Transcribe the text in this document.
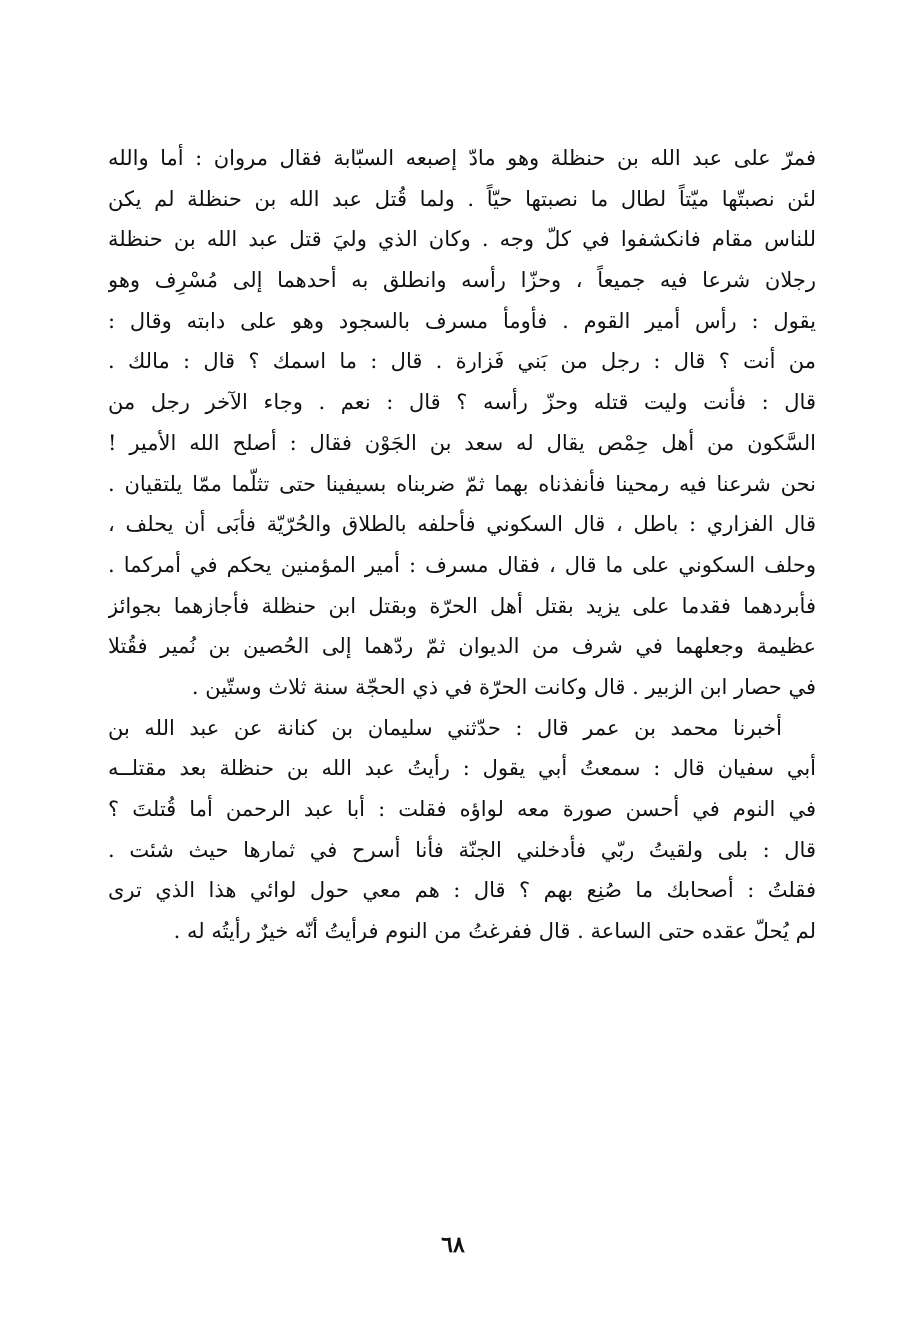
فمرّ على عبد الله بن حنظلة وهو مادّ إصبعه السبّابة فقال مروان : أما والله
لئن نصبتّها ميّتاً لطال ما نصبتها حيّاً . ولما قُتل عبد الله بن حنظلة لم يكن
للناس مقام فانكشفوا في كلّ وجه . وكان الذي وليَ قتل عبد الله بن حنظلة
رجلان شرعا فيه جميعاً ، وحزّا رأسه وانطلق به أحدهما إلى مُسْرِف وهو
يقول : رأس أمير القوم . فأومأ مسرف بالسجود وهو على دابته وقال :
من أنت ؟ قال : رجل من بَني فَزارة . قال : ما اسمك ؟ قال : مالك .
قال : فأنت وليت قتله وحزّ رأسه ؟ قال : نعم . وجاء الآخر رجل من
السَّكون من أهل حِمْص يقال له سعد بن الجَوْن فقال : أصلح الله الأمير !
نحن شرعنا فيه رمحينا فأنفذناه بهما ثمّ ضربناه بسيفينا حتى تثلّما ممّا يلتقيان .
قال الفزاري : باطل ، قال السكوني فأحلفه بالطلاق والحُرّيّة فأبَى أن يحلف ،
وحلف السكوني على ما قال ، فقال مسرف : أمير المؤمنين يحكم في أمركما .
فأبردهما فقدما على يزيد بقتل أهل الحرّة وبقتل ابن حنظلة فأجازهما بجوائز
عظيمة وجعلهما في شرف من الديوان ثمّ ردّهما إلى الحُصين بن نُمير فقُتلا
في حصار ابن الزبير . قال وكانت الحرّة في ذي الحجّة سنة ثلاث وستّين .
أخبرنا محمد بن عمر قال : حدّثني سليمان بن كنانة عن عبد الله بن
أبي سفيان قال : سمعتُ أبي يقول : رأيتُ عبد الله بن حنظلة بعد مقتلــه
في النوم في أحسن صورة معه لواؤه فقلت : أبا عبد الرحمن أما قُتلتَ ؟
قال : بلى ولقيتُ ربّي فأدخلني الجنّة فأنا أسرح في ثمارها حيث شئت .
فقلتُ : أصحابك ما صُنِع بهم ؟ قال : هم معي حول لوائي هذا الذي ترى
لم يُحلّ عقده حتى الساعة . قال ففرغتُ من النوم فرأيتُ أنّه خيرٌ رأيتُه له .
٦٨
